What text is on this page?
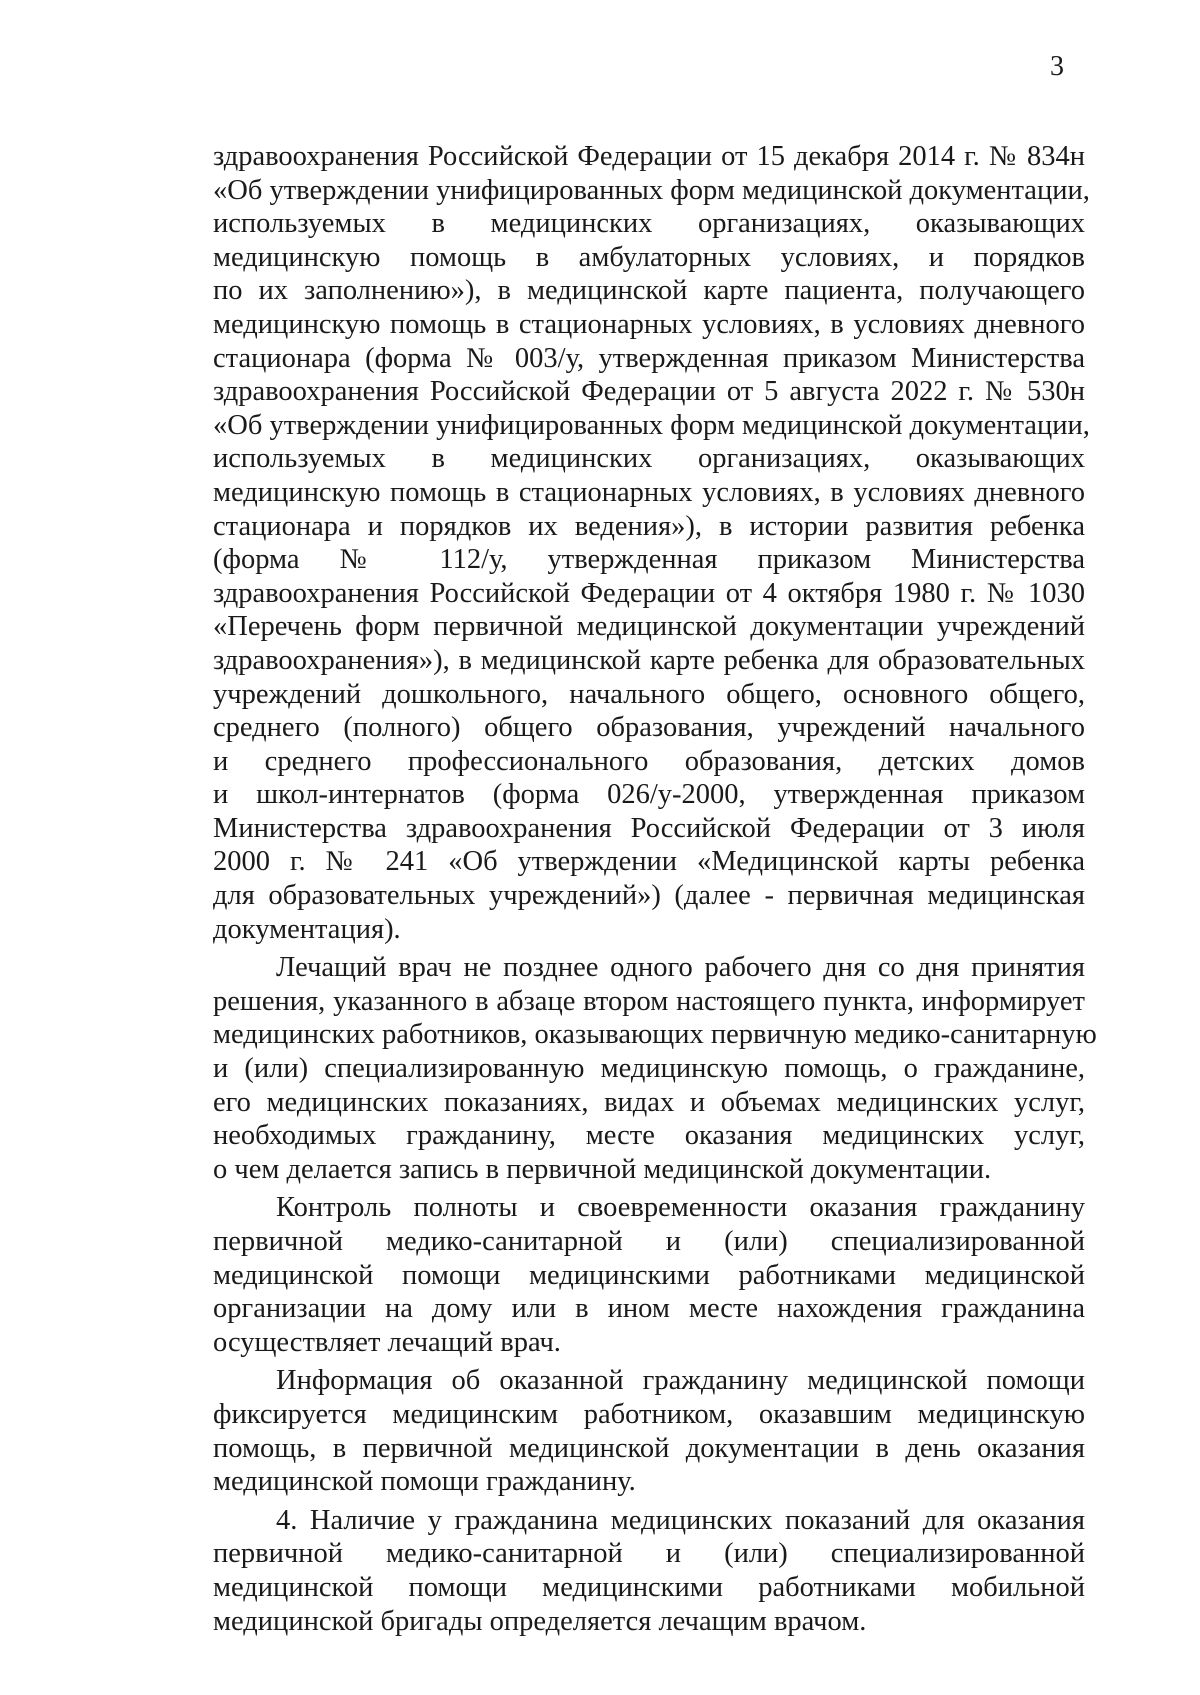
3
здравоохранения Российской Федерации от 15 декабря 2014 г. № 834н
«Об утверждении унифицированных форм медицинской документации,
используемых в медицинских организациях, оказывающих
медицинскую помощь в амбулаторных условиях, и порядков
по их заполнению»), в медицинской карте пациента, получающего
медицинскую помощь в стационарных условиях, в условиях дневного
стационара (форма № 003/у, утвержденная приказом Министерства
здравоохранения Российской Федерации от 5 августа 2022 г. № 530н
«Об утверждении унифицированных форм медицинской документации,
используемых в медицинских организациях, оказывающих
медицинскую помощь в стационарных условиях, в условиях дневного
стационара и порядков их ведения»), в истории развития ребенка
(форма № 112/у, утвержденная приказом Министерства
здравоохранения Российской Федерации от 4 октября 1980 г. № 1030
«Перечень форм первичной медицинской документации учреждений
здравоохранения»), в медицинской карте ребенка для образовательных
учреждений дошкольного, начального общего, основного общего,
среднего (полного) общего образования, учреждений начального
и среднего профессионального образования, детских домов
и школ-интернатов (форма 026/у-2000, утвержденная приказом
Министерства здравоохранения Российской Федерации от 3 июля
2000 г. № 241 «Об утверждении «Медицинской карты ребенка
для образовательных учреждений») (далее - первичная медицинская
документация).
Лечащий врач не позднее одного рабочего дня со дня принятия
решения, указанного в абзаце втором настоящего пункта, информирует
медицинских работников, оказывающих первичную медико-санитарную
и (или) специализированную медицинскую помощь, о гражданине,
его медицинских показаниях, видах и объемах медицинских услуг,
необходимых гражданину, месте оказания медицинских услуг,
о чем делается запись в первичной медицинской документации.
Контроль полноты и своевременности оказания гражданину
первичной медико-санитарной и (или) специализированной
медицинской помощи медицинскими работниками медицинской
организации на дому или в ином месте нахождения гражданина
осуществляет лечащий врач.
Информация об оказанной гражданину медицинской помощи
фиксируется медицинским работником, оказавшим медицинскую
помощь, в первичной медицинской документации в день оказания
медицинской помощи гражданину.
4. Наличие у гражданина медицинских показаний для оказания
первичной медико-санитарной и (или) специализированной
медицинской помощи медицинскими работниками мобильной
медицинской бригады определяется лечащим врачом.
